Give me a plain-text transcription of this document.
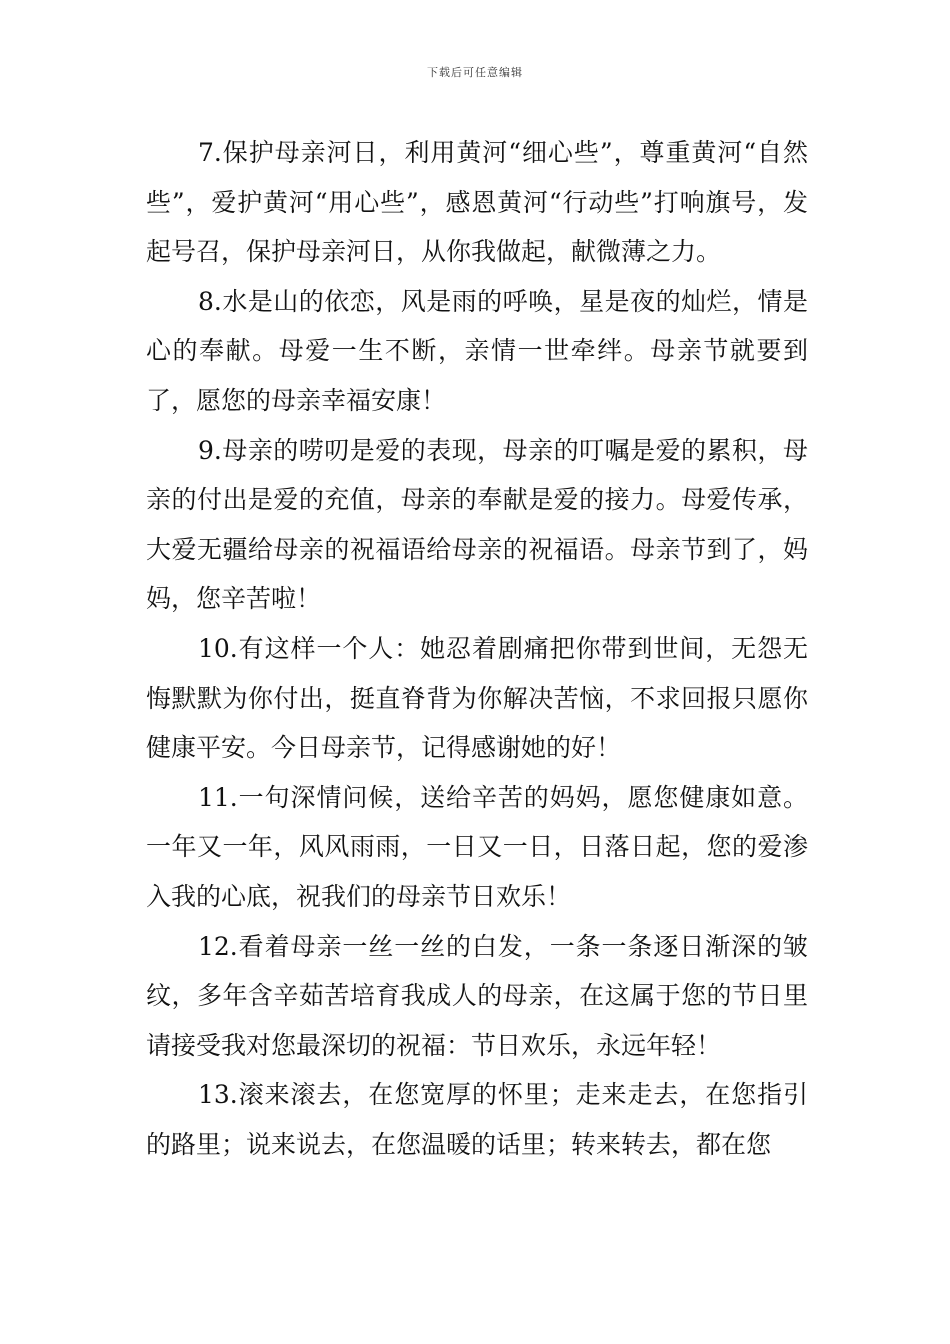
下载后可任意编辑

7.保护母亲河日，利用黄河“细心些”，尊重黄河“自然些”，爱护黄河“用心些”，感恩黄河“行动些”打响旗号，发起号召，保护母亲河日，从你我做起，献微薄之力。

8.水是山的依恋，风是雨的呼唤，星是夜的灿烂，情是心的奉献。母爱一生不断，亲情一世牵绊。母亲节就要到了，愿您的母亲幸福安康！

9.母亲的唠叨是爱的表现，母亲的叮嘱是爱的累积，母亲的付出是爱的充值，母亲的奉献是爱的接力。母爱传承，大爱无疆给母亲的祝福语给母亲的祝福语。母亲节到了，妈妈，您辛苦啦！

10.有这样一个人：她忍着剧痛把你带到世间，无怨无悔默默为你付出，挺直脊背为你解决苦恼，不求回报只愿你健康平安。今日母亲节，记得感谢她的好！

11.一句深情问候，送给辛苦的妈妈，愿您健康如意。一年又一年，风风雨雨，一日又一日，日落日起，您的爱渗入我的心底，祝我们的母亲节日欢乐！

12.看着母亲一丝一丝的白发，一条一条逐日渐深的皱纹，多年含辛茹苦培育我成人的母亲，在这属于您的节日里请接受我对您最深切的祝福：节日欢乐，永远年轻！

13.滚来滚去，在您宽厚的怀里；走来走去，在您指引的路里；说来说去，在您温暖的话里；转来转去，都在您
